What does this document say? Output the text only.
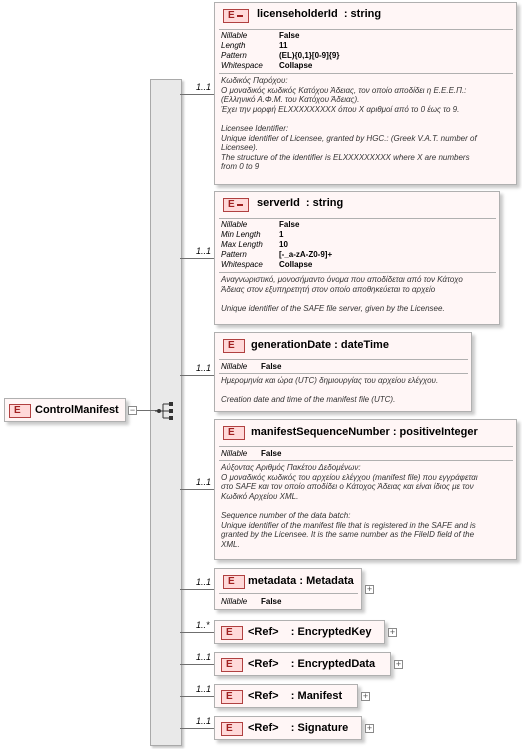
E	ControlManifest −
1..1
1..1
1..1
1..1
1..1
1..*
1..1
1..1
1..1
E	licenseholderId  : string
Nillable	False
Length	11
Pattern	(EL){0,1}[0-9]{9}
Whitespace Collapse
Κωδικός Παρόχου:
Ο μοναδικός κωδικός Κατόχου Άδειας, τον οποίο αποδίδει η Ε.Ε.Ε.Π.:
(Ελληνικό Α.Φ.Μ. του Κατόχου Άδειας).
Έχει την μορφή ELXXXXXXXXX όπου X αριθμοί από το 0 έως το 9.
Licensee Identifier:
Unique identifier of Licensee, granted by HGC.: (Greek V.A.T. number of
Licensee).
The structure of the identifier is ELXXXXXXXXX where X are numbers
from 0 to 9
E	serverId  : string
Nillable	False
Min Length 1
Max Length 10
Pattern	[-_a-zA-Z0-9]+
Whitespace Collapse
Αναγνωριστικό, μονοσήμαντο όνομα που αποδίδεται από τον Κάτοχο
Άδειας στον εξυπηρετητή στον οποίο αποθηκεύεται το αρχείο
Unique identifier of the SAFE file server, given by the Licensee.
E	generationDate : dateTime
Nillable False
Ημερομηνία και ώρα (UTC) δημιουργίας του αρχείου ελέγχου.
Creation date and time of the manifest file (UTC).
E	manifestSequenceNumber : positiveInteger
Nillable False
Αύξοντας Αριθμός Πακέτου Δεδομένων:
Ο μοναδικός κωδικός του αρχείου ελέγχου (manifest file) που εγγράφεται
στο SAFE και τον οποίο αποδίδει ο Κάτοχος Άδειας και είναι ίδιος με τον
Κωδικό Αρχείου XML.
Sequence number of the data batch:
Unique identifier of the manifest file that is registered in the SAFE and is
granted by the Licensee. It is the same number as the FileID field of the
XML.
E	metadata : Metadata
Nillable False
+
E	<Ref>    : EncryptedKey +
E	<Ref>    : EncryptedData +
E	<Ref>    : Manifest +
E	<Ref>    : Signature +
